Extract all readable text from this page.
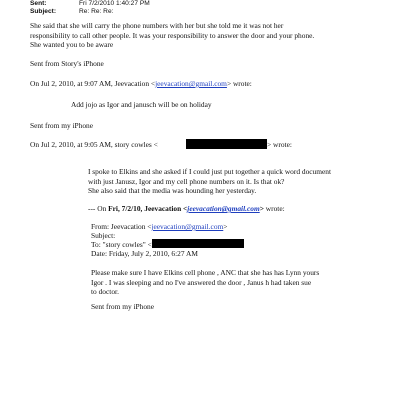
Sent:	Fri 7/2/2010 1:40:27 PM
Subject:	Re: Re: Re:
She said that she will carry the phone numbers with her but she told me it was not her
responsibility to call other people. It was your responsibility to answer the door and your phone.
She wanted you to be aware
Sent from Story's iPhone
On Jul 2, 2010, at 9:07 AM, Jeevacation <jeevacation@gmail.com> wrote:
Add jojo as Igor and janusch will be on holiday
Sent from my iPhone
On Jul 2, 2010, at 9:05 AM, story cowles <	> wrote:
I spoke to Elkins and she asked if I could just put together a quick word document
with just Janusz, Igor and my cell phone numbers on it. Is that ok?
She also said that the media was hounding her yesterday.
--- On Fri, 7/2/10, Jeevacation <jeevacation@gmail.com> wrote:
From: Jeevacation <jeevacation@gmail.com>
Subject:
To: "story cowles" <
Date: Friday, July 2, 2010, 6:27 AM
Please make sure I have Elkins cell phone , ANC that she has has Lynn yours
Igor . I was sleeping and no I've answered the door , Janus h had taken sue
to doctor.
Sent from my iPhone
